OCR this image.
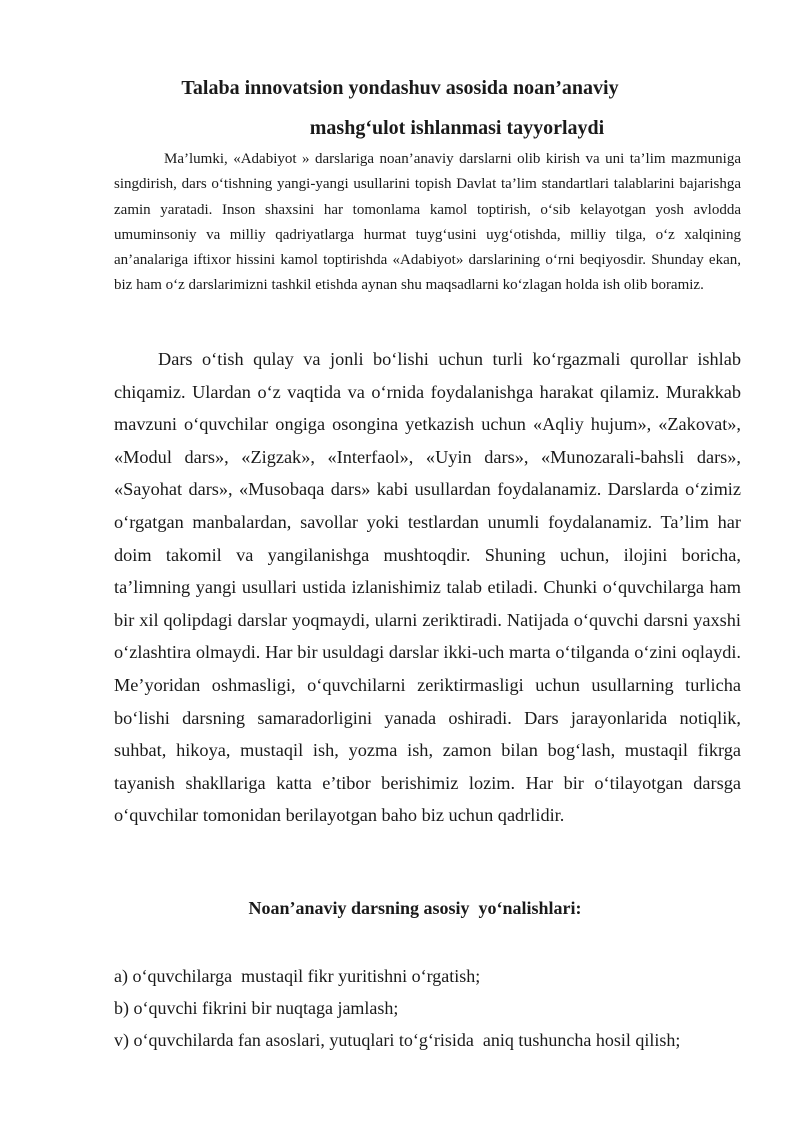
Talaba innovatsion yondashuv asosida noan’anaviy
mashg‘ulot ishlanmasi tayyorlaydi

Ma’lumki, «Adabiyot » darslariga noan’anaviy darslarni olib kirish va uni ta’lim mazmuniga singdirish, dars o‘tishning yangi-yangi usullarini topish Davlat ta’lim standartlari talablarini bajarishga zamin yaratadi. Inson shaxsini har tomonlama kamol toptirish, o‘sib kelayotgan yosh avlodda umuminsoniy va milliy qadriyatlarga hurmat tuyg‘usini uyg‘otishda, milliy tilga, o‘z xalqining an’analariga iftixor hissini kamol toptirishda «Adabiyot» darslarining o‘rni beqiyosdir. Shunday ekan, biz ham o‘z darslarimizni tashkil etishda aynan shu maqsadlarni ko‘zlagan holda ish olib boramiz.

Dars o‘tish qulay va jonli bo‘lishi uchun turli ko‘rgazmali qurollar ishlab chiqamiz. Ulardan o‘z vaqtida va o‘rnida foydalanishga harakat qilamiz. Murakkab mavzuni o‘quvchilar ongiga osongina yetkazish uchun «Aqliy hujum», «Zakovat», «Modul dars», «Zigzak», «Interfaol», «Uyin dars», «Munozarali-bahsli dars», «Sayohat dars», «Musobaqa dars» kabi usullardan foydalanamiz. Darslarda o‘zimiz o‘rgatgan manbalardan, savollar yoki testlardan unumli foydalanamiz. Ta’lim har doim takomil va yangilanishga mushtoqdir. Shuning uchun, ilojini boricha, ta’limning yangi usullari ustida izlanishimiz talab etiladi. Chunki o‘quvchilarga ham bir xil qolipdagi darslar yoqmaydi, ularni zeriktiradi. Natijada o‘quvchi darsni yaxshi o‘zlashtira olmaydi. Har bir usuldagi darslar ikki-uch marta o‘tilganda o‘zini oqlaydi. Me’yoridan oshmasligi, o‘quvchilarni zeriktirmasligi uchun usullarning turlicha bo‘lishi darsning samaradorligini yanada oshiradi. Dars jarayonlarida notiqlik, suhbat, hikoya, mustaqil ish, yozma ish, zamon bilan bog‘lash, mustaqil fikrga tayanish shakllariga katta e’tibor berishimiz lozim. Har bir o‘tilayotgan darsga o‘quvchilar tomonidan berilayotgan baho biz uchun qadrlidir.

Noan’anaviy darsning asosiy  yo‘nalishlari:
a) o‘quvchilarga  mustaqil fikr yuritishni o‘rgatish;
b) o‘quvchi fikrini bir nuqtaga jamlash;
v) o‘quvchilarda fan asoslari, yutuqlari to‘g‘risida  aniq tushuncha hosil qilish;
